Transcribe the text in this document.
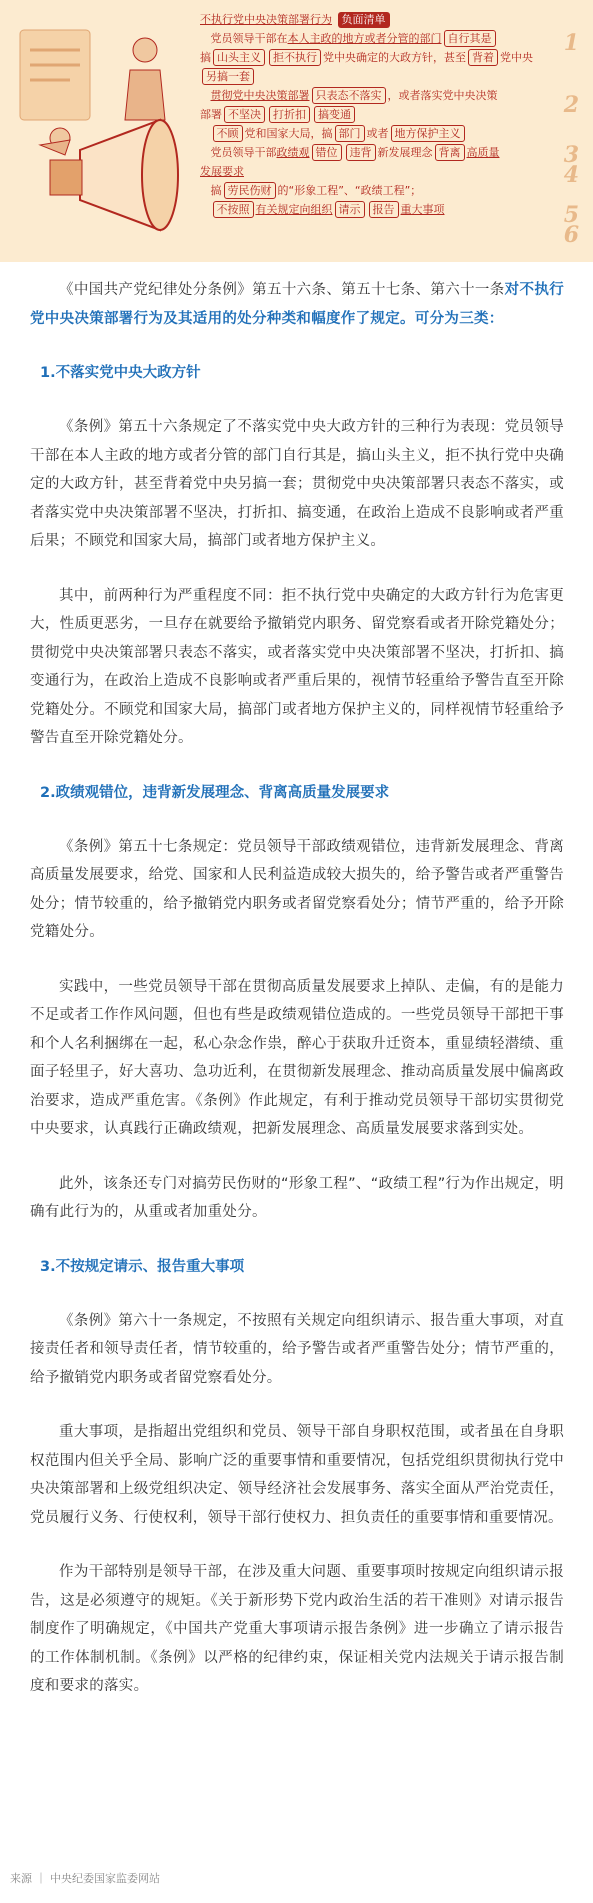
不执行党中央决策部署行为 负面清单
党员领导干部在本人主政的地方或者分管的部门 自行其是
搞 山头主义 拒不执行 党中央确定的大政方针，甚至 背着 党中央
另搞一套
贯彻党中央决策部署 只表态不落实 ，或者落实党中央决策
部署 不坚决 打折扣 搞变通
不顾 党和国家大局，搞 部门 或者 地方保护主义
党员领导干部政绩观 错位 违背 新发展理念 背离 高质量
发展要求
搞 劳民伤财 的“形象工程”、“政绩工程”；
不按照 有关规定向组织 请示 报告 重大事项
1
2
3
4
5
6

《中国共产党纪律处分条例》第五十六条、第五十七条、第六十一条对不执行党中央决策部署行为及其适用的处分种类和幅度作了规定。可分为三类：

1.不落实党中央大政方针

《条例》第五十六条规定了不落实党中央大政方针的三种行为表现：党员领导干部在本人主政的地方或者分管的部门自行其是，搞山头主义，拒不执行党中央确定的大政方针，甚至背着党中央另搞一套；贯彻党中央决策部署只表态不落实，或者落实党中央决策部署不坚决，打折扣、搞变通，在政治上造成不良影响或者严重后果；不顾党和国家大局，搞部门或者地方保护主义。

其中，前两种行为严重程度不同：拒不执行党中央确定的大政方针行为危害更大，性质更恶劣，一旦存在就要给予撤销党内职务、留党察看或者开除党籍处分；贯彻党中央决策部署只表态不落实，或者落实党中央决策部署不坚决，打折扣、搞变通行为，在政治上造成不良影响或者严重后果的，视情节轻重给予警告直至开除党籍处分。不顾党和国家大局，搞部门或者地方保护主义的，同样视情节轻重给予警告直至开除党籍处分。

2.政绩观错位，违背新发展理念、背离高质量发展要求

《条例》第五十七条规定：党员领导干部政绩观错位，违背新发展理念、背离高质量发展要求，给党、国家和人民利益造成较大损失的，给予警告或者严重警告处分；情节较重的，给予撤销党内职务或者留党察看处分；情节严重的，给予开除党籍处分。

实践中，一些党员领导干部在贯彻高质量发展要求上掉队、走偏，有的是能力不足或者工作作风问题，但也有些是政绩观错位造成的。一些党员领导干部把干事和个人名利捆绑在一起，私心杂念作祟，醉心于获取升迁资本，重显绩轻潜绩、重面子轻里子，好大喜功、急功近利，在贯彻新发展理念、推动高质量发展中偏离政治要求，造成严重危害。《条例》作此规定，有利于推动党员领导干部切实贯彻党中央要求，认真践行正确政绩观，把新发展理念、高质量发展要求落到实处。

此外，该条还专门对搞劳民伤财的“形象工程”、“政绩工程”行为作出规定，明确有此行为的，从重或者加重处分。

3.不按规定请示、报告重大事项

《条例》第六十一条规定，不按照有关规定向组织请示、报告重大事项，对直接责任者和领导责任者，情节较重的，给予警告或者严重警告处分；情节严重的，给予撤销党内职务或者留党察看处分。

重大事项，是指超出党组织和党员、领导干部自身职权范围，或者虽在自身职权范围内但关乎全局、影响广泛的重要事情和重要情况，包括党组织贯彻执行党中央决策部署和上级党组织决定、领导经济社会发展事务、落实全面从严治党责任，党员履行义务、行使权利，领导干部行使权力、担负责任的重要事情和重要情况。

作为干部特别是领导干部，在涉及重大问题、重要事项时按规定向组织请示报告，这是必须遵守的规矩。《关于新形势下党内政治生活的若干准则》对请示报告制度作了明确规定，《中国共产党重大事项请示报告条例》进一步确立了请示报告的工作体制机制。《条例》以严格的纪律约束，保证相关党内法规关于请示报告制度和要求的落实。

来源 ｜ 中央纪委国家监委网站
